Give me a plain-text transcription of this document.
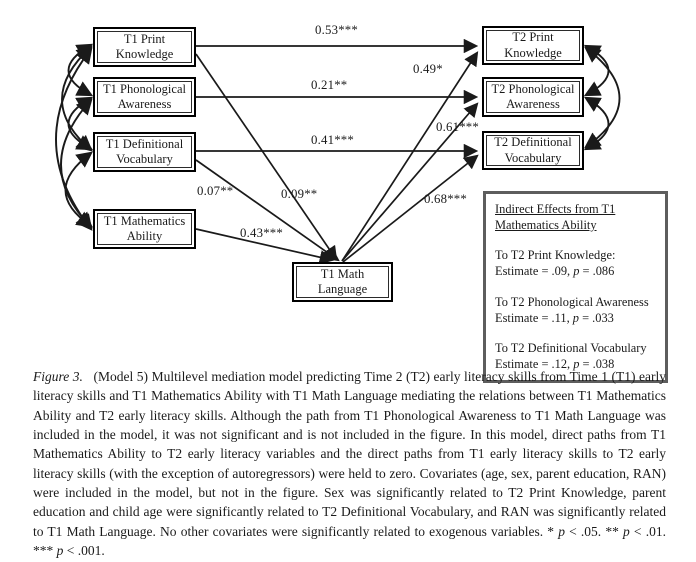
T1 Print Knowledge
T1 Phonological Awareness
T1 Definitional Vocabulary
T1 Mathematics Ability
T2 Print Knowledge
T2 Phonological Awareness
T2 Definitional Vocabulary
T1 Math Language
0.53***
0.21**
0.41***
0.49*
0.61***
0.68***
0.07**	0.09**
0.43***
Indirect Effects from T1 Mathematics Ability
To T2 Print Knowledge:
Estimate = .09, p = .086
To T2 Phonological Awareness
Estimate = .11, p = .033
To T2 Definitional Vocabulary
Estimate = .12, p = .038
Figure 3.   (Model 5) Multilevel mediation model predicting Time 2 (T2) early literacy skills from Time 1 (T1) early literacy skills and T1 Mathematics Ability with T1 Math Language mediating the relations between T1 Mathematics Ability and T2 early literacy skills. Although the path from T1 Phonological Awareness to T1 Math Language was included in the model, it was not significant and is not included in the figure. In this model, direct paths from T1 Mathematics Ability to T2 early literacy variables and the direct paths from T1 early literacy skills to T2 early literacy skills (with the exception of autoregressors) were held to zero. Covariates (age, sex, parent education, RAN) were included in the model, but not in the figure. Sex was significantly related to T2 Print Knowledge, parent education and child age were significantly related to T2 Definitional Vocabulary, and RAN was significantly related to T1 Math Language. No other covariates were significantly related to exogenous variables. * p < .05. ** p < .01. *** p < .001.
